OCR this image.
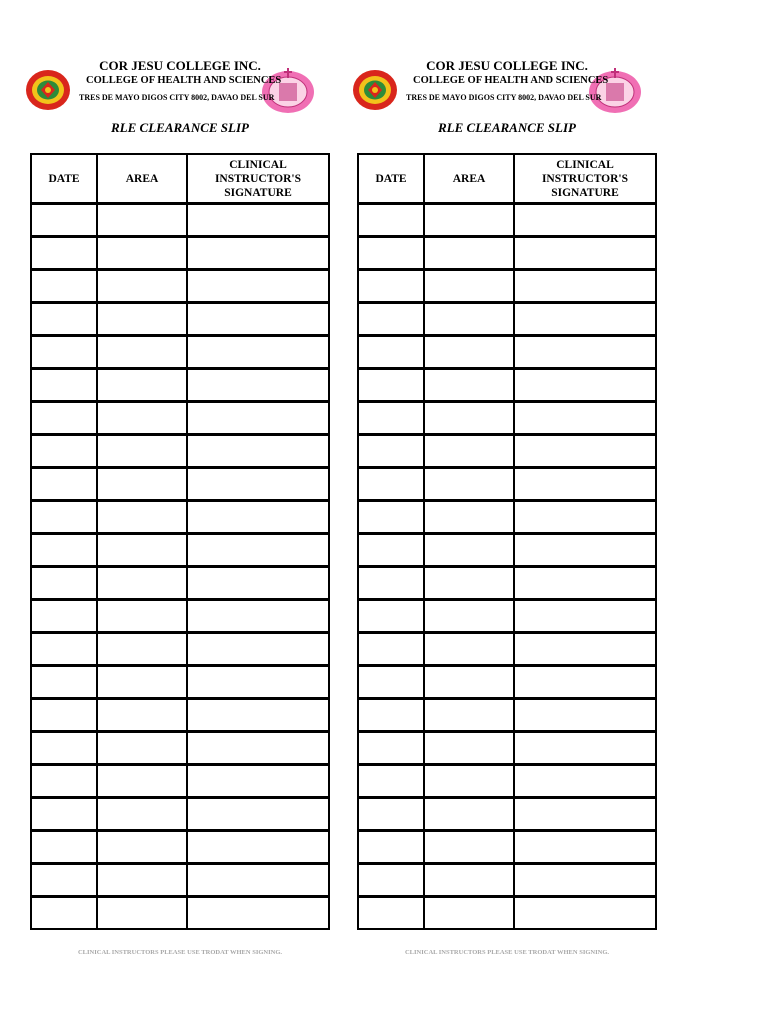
COR JESU COLLEGE INC.
COLLEGE OF HEALTH AND SCIENCES
TRES DE MAYO DIGOS CITY 8002, DAVAO DEL SUR
RLE CLEARANCE SLIP
DATE	AREA	CLINICAL INSTRUCTOR'S SIGNATURE

CLINICAL INSTRUCTORS PLEASE USE TRODAT WHEN SIGNING.
COR JESU COLLEGE INC.
COLLEGE OF HEALTH AND SCIENCES
TRES DE MAYO DIGOS CITY 8002, DAVAO DEL SUR
RLE CLEARANCE SLIP
DATE	AREA	CLINICAL INSTRUCTOR'S SIGNATURE

CLINICAL INSTRUCTORS PLEASE USE TRODAT WHEN SIGNING.
